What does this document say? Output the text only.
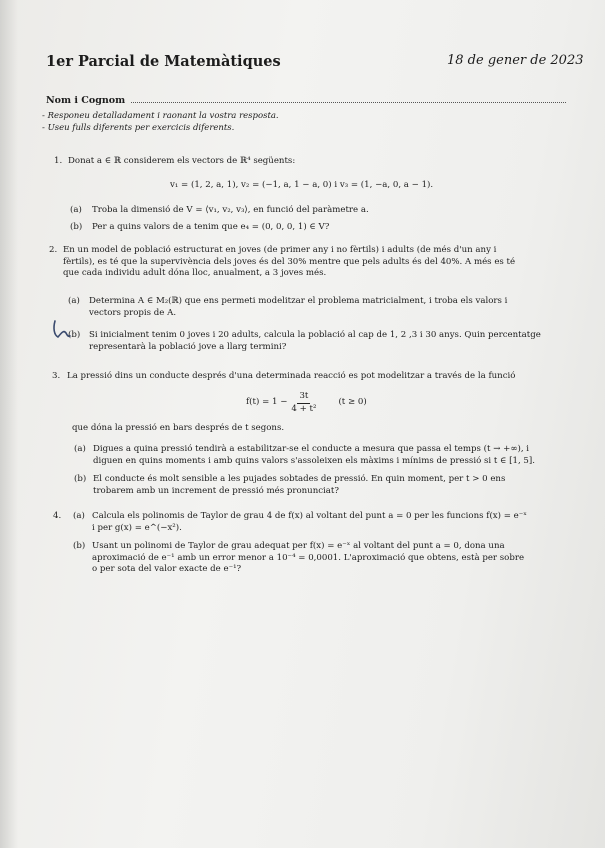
1er Parcial de Matemàtiques	18 de gener de 2023
Nom i Cognom
- Responeu detalladament i raonant la vostra resposta.
- Useu fulls diferents per exercicis diferents.
1. Donat a ∈ ℝ considerem els vectors de ℝ⁴ següents:
v₁ = (1, 2, a, 1), v₂ = (−1, a, 1 − a, 0) i v₃ = (1, −a, 0, a − 1).
(a) Troba la dimensió de V = ⟨v₁, v₂, v₃⟩, en funció del paràmetre a.
(b) Per a quins valors de a tenim que e₄ = (0, 0, 0, 1) ∈ V?
2. En un model de població estructurat en joves (de primer any i no fèrtils) i adults (de més d'un any i
fèrtils), es té que la supervivència dels joves és del 30% mentre que pels adults és del 40%. A més es té
que cada individu adult dóna lloc, anualment, a 3 joves més.
(a) Determina A ∈ M₂(ℝ) que ens permeti modelitzar el problema matricialment, i troba els valors i
vectors propis de A.
(b) Si inicialment tenim 0 joves i 20 adults, calcula la població al cap de 1, 2 ,3 i 30 anys. Quin percentatge
representarà la població jove a llarg termini?
3. La pressió dins un conducte després d'una determinada reacció es pot modelitzar a través de la funció
$f(t) = 1 - \frac{3t}{\text{4 + t²}}$	(t ≥ 0)
que dóna la pressió en bars després de t segons.
(a) Digues a quina pressió tendirà a estabilitzar-se el conducte a mesura que passa el temps (t → +∞), i
diguen en quins moments i amb quins valors s'assoleixen els màxims i mínims de pressió si t ∈ [1, 5].
(b) El conducte és molt sensible a les pujades sobtades de pressió. En quin moment, per t > 0 ens
trobarem amb un increment de pressió més pronunciat?
4. (a) Calcula els polinomis de Taylor de grau 4 de f(x) al voltant del punt a = 0 per les funcions f(x) = e⁻ˣ
i per g(x) = e^(−x²).
(b) Usant un polinomi de Taylor de grau adequat per f(x) = e⁻ˣ al voltant del punt a = 0, dona una
aproximació de e⁻¹ amb un error menor a 10⁻⁴ = 0,0001. L'aproximació que obtens, està per sobre
o per sota del valor exacte de e⁻¹?
